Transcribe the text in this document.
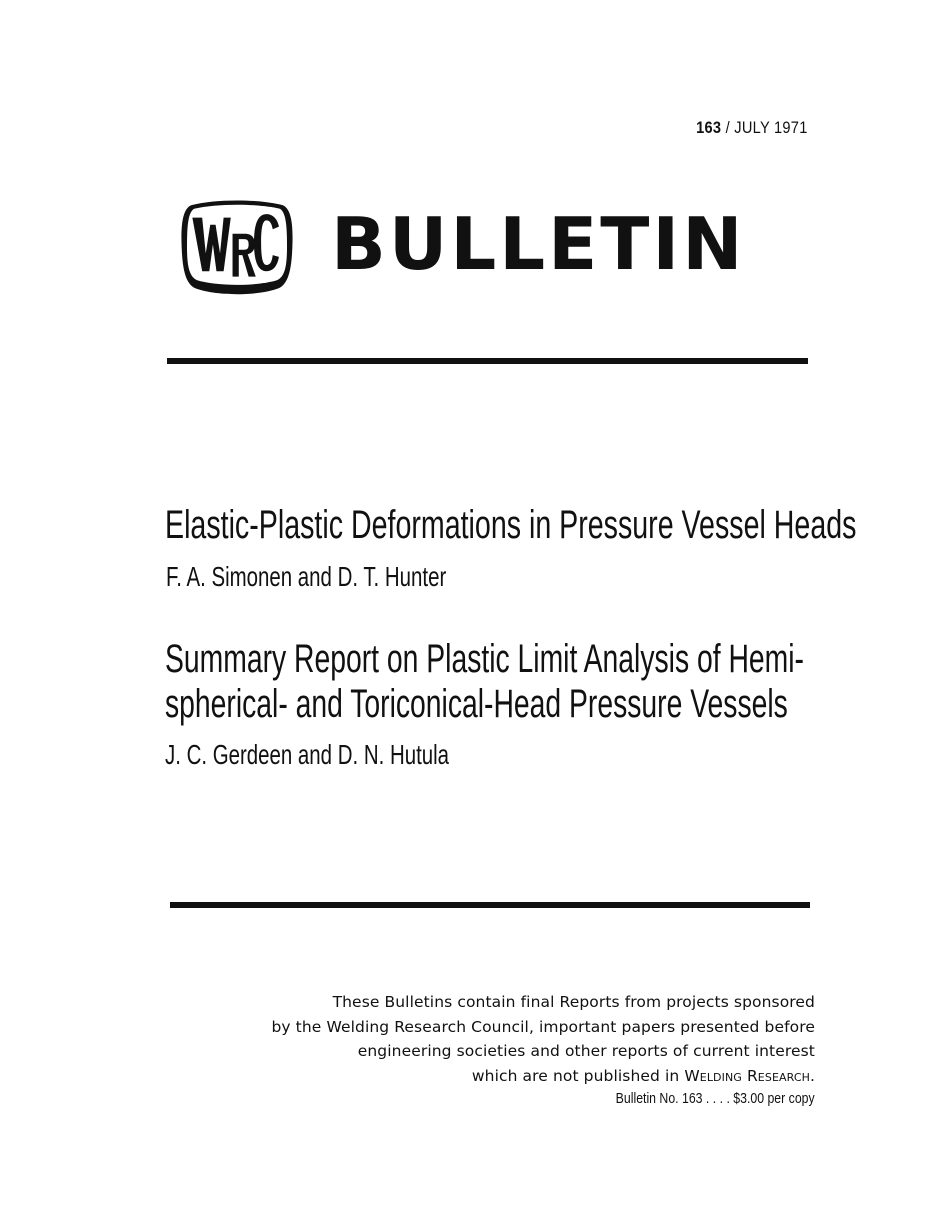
163 / JULY 1971
BULLETIN
Elastic-Plastic Deformations in Pressure Vessel Heads
F. A. Simonen and D. T. Hunter
Summary Report on Plastic Limit Analysis of Hemi-
spherical- and Toriconical-Head Pressure Vessels
J. C. Gerdeen and D. N. Hutula
These Bulletins contain final Reports from projects sponsored
by the Welding Research Council, important papers presented before
engineering societies and other reports of current interest
which are not published in Welding Research.
Bulletin No. 163 . . . . $3.00 per copy
